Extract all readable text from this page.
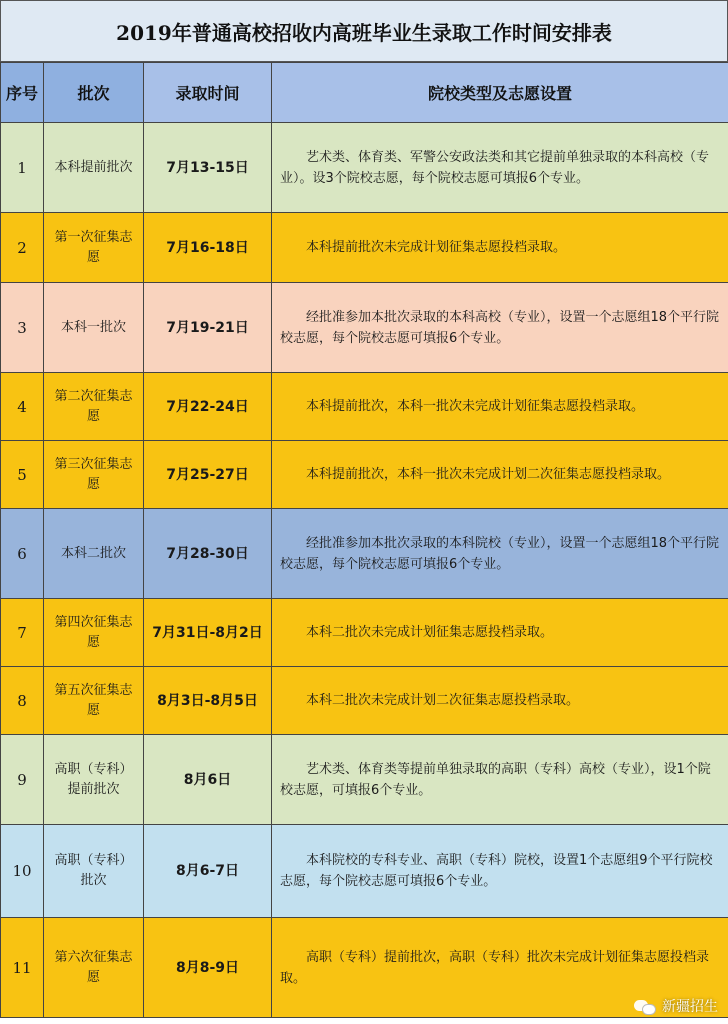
2019年普通高校招收内高班毕业生录取工作时间安排表
序号	批次	录取时间	院校类型及志愿设置
1	本科提前批次	7月13-15日	艺术类、体育类、军警公安政法类和其它提前单独录取的本科高校（专业）。设3个院校志愿，每个院校志愿可填报6个专业。
2	第一次征集志愿	7月16-18日	本科提前批次未完成计划征集志愿投档录取。
3	本科一批次	7月19-21日	经批准参加本批次录取的本科高校（专业），设置一个志愿组18个平行院校志愿，每个院校志愿可填报6个专业。
4	第二次征集志愿	7月22-24日	本科提前批次，本科一批次未完成计划征集志愿投档录取。
5	第三次征集志愿	7月25-27日	本科提前批次，本科一批次未完成计划二次征集志愿投档录取。
6	本科二批次	7月28-30日	经批准参加本批次录取的本科院校（专业），设置一个志愿组18个平行院校志愿，每个院校志愿可填报6个专业。
7	第四次征集志愿	7月31日-8月2日	本科二批次未完成计划征集志愿投档录取。
8	第五次征集志愿	8月3日-8月5日	本科二批次未完成计划二次征集志愿投档录取。
9	高职（专科）提前批次	8月6日	艺术类、体育类等提前单独录取的高职（专科）高校（专业），设1个院校志愿，可填报6个专业。
10	高职（专科）批次	8月6-7日	本科院校的专科专业、高职（专科）院校，设置1个志愿组9个平行院校志愿，每个院校志愿可填报6个专业。
11	第六次征集志愿	8月8-9日	高职（专科）提前批次，高职（专科）批次未完成计划征集志愿投档录取。
新疆招生
